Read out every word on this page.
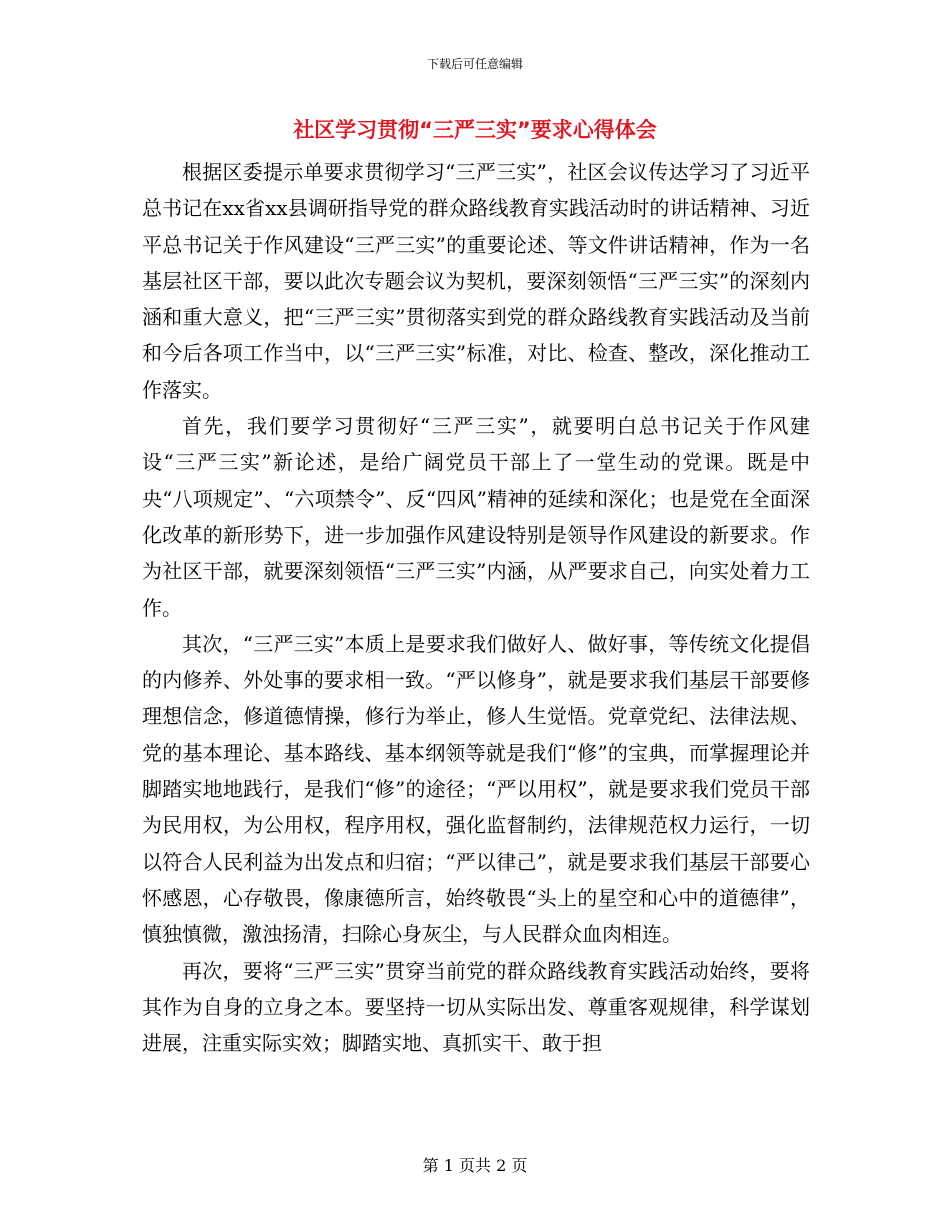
下载后可任意编辑
社区学习贯彻“三严三实”要求心得体会

根据区委提示单要求贯彻学习“三严三实”，社区会议传达学习了习近平总书记在xx省xx县调研指导党的群众路线教育实践活动时的讲话精神、习近平总书记关于作风建设“三严三实”的重要论述、等文件讲话精神，作为一名基层社区干部，要以此次专题会议为契机，要深刻领悟“三严三实”的深刻内涵和重大意义，把“三严三实”贯彻落实到党的群众路线教育实践活动及当前和今后各项工作当中，以“三严三实”标准，对比、检查、整改，深化推动工作落实。

首先，我们要学习贯彻好“三严三实”，就要明白总书记关于作风建设“三严三实”新论述，是给广阔党员干部上了一堂生动的党课。既是中央“八项规定”、“六项禁令”、反“四风”精神的延续和深化；也是党在全面深化改革的新形势下，进一步加强作风建设特别是领导作风建设的新要求。作为社区干部，就要深刻领悟“三严三实”内涵，从严要求自己，向实处着力工作。

其次，“三严三实”本质上是要求我们做好人、做好事，等传统文化提倡的内修养、外处事的要求相一致。“严以修身”，就是要求我们基层干部要修理想信念，修道德情操，修行为举止，修人生觉悟。党章党纪、法律法规、党的基本理论、基本路线、基本纲领等就是我们“修”的宝典，而掌握理论并脚踏实地地践行，是我们“修”的途径；“严以用权”，就是要求我们党员干部为民用权，为公用权，程序用权，强化监督制约，法律规范权力运行，一切以符合人民利益为出发点和归宿；“严以律己”，就是要求我们基层干部要心怀感恩，心存敬畏，像康德所言，始终敬畏“头上的星空和心中的道德律”，慎独慎微，激浊扬清，扫除心身灰尘，与人民群众血肉相连。

再次，要将“三严三实”贯穿当前党的群众路线教育实践活动始终，要将其作为自身的立身之本。要坚持一切从实际出发、尊重客观规律，科学谋划进展，注重实际实效；脚踏实地、真抓实干、敢于担

第 1 页共 2 页
